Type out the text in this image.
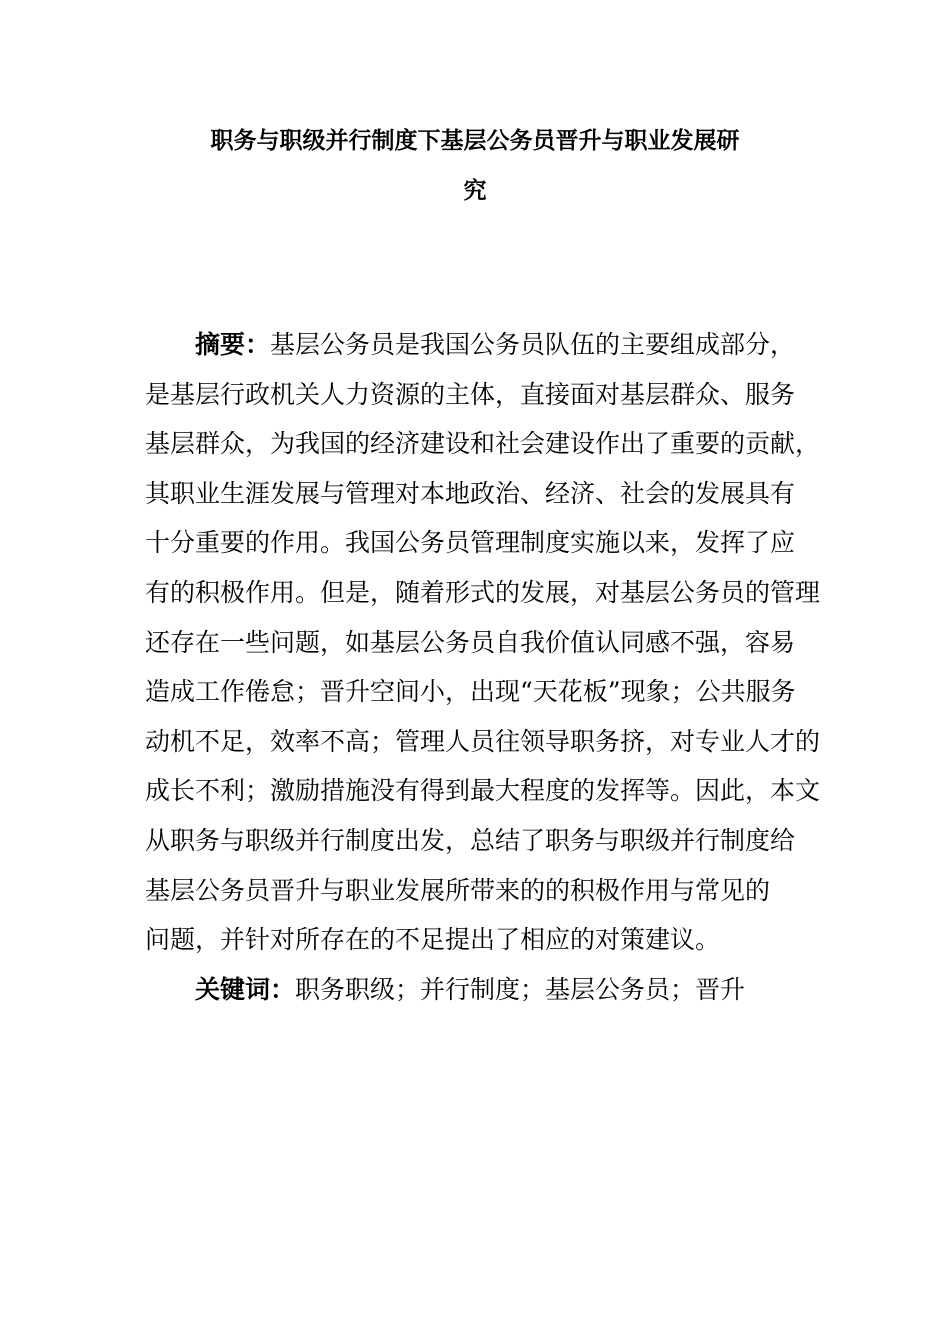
职务与职级并行制度下基层公务员晋升与职业发展研
究
摘要：基层公务员是我国公务员队伍的主要组成部分，
是基层行政机关人力资源的主体，直接面对基层群众、服务
基层群众，为我国的经济建设和社会建设作出了重要的贡献，
其职业生涯发展与管理对本地政治、经济、社会的发展具有
十分重要的作用。我国公务员管理制度实施以来，发挥了应
有的积极作用。但是，随着形式的发展，对基层公务员的管理
还存在一些问题，如基层公务员自我价值认同感不强，容易
造成工作倦怠；晋升空间小，出现“天花板”现象；公共服务
动机不足，效率不高；管理人员往领导职务挤，对专业人才的
成长不利；激励措施没有得到最大程度的发挥等。因此，本文
从职务与职级并行制度出发，总结了职务与职级并行制度给
基层公务员晋升与职业发展所带来的的积极作用与常见的
问题，并针对所存在的不足提出了相应的对策建议。
关键词：职务职级；并行制度；基层公务员；晋升
